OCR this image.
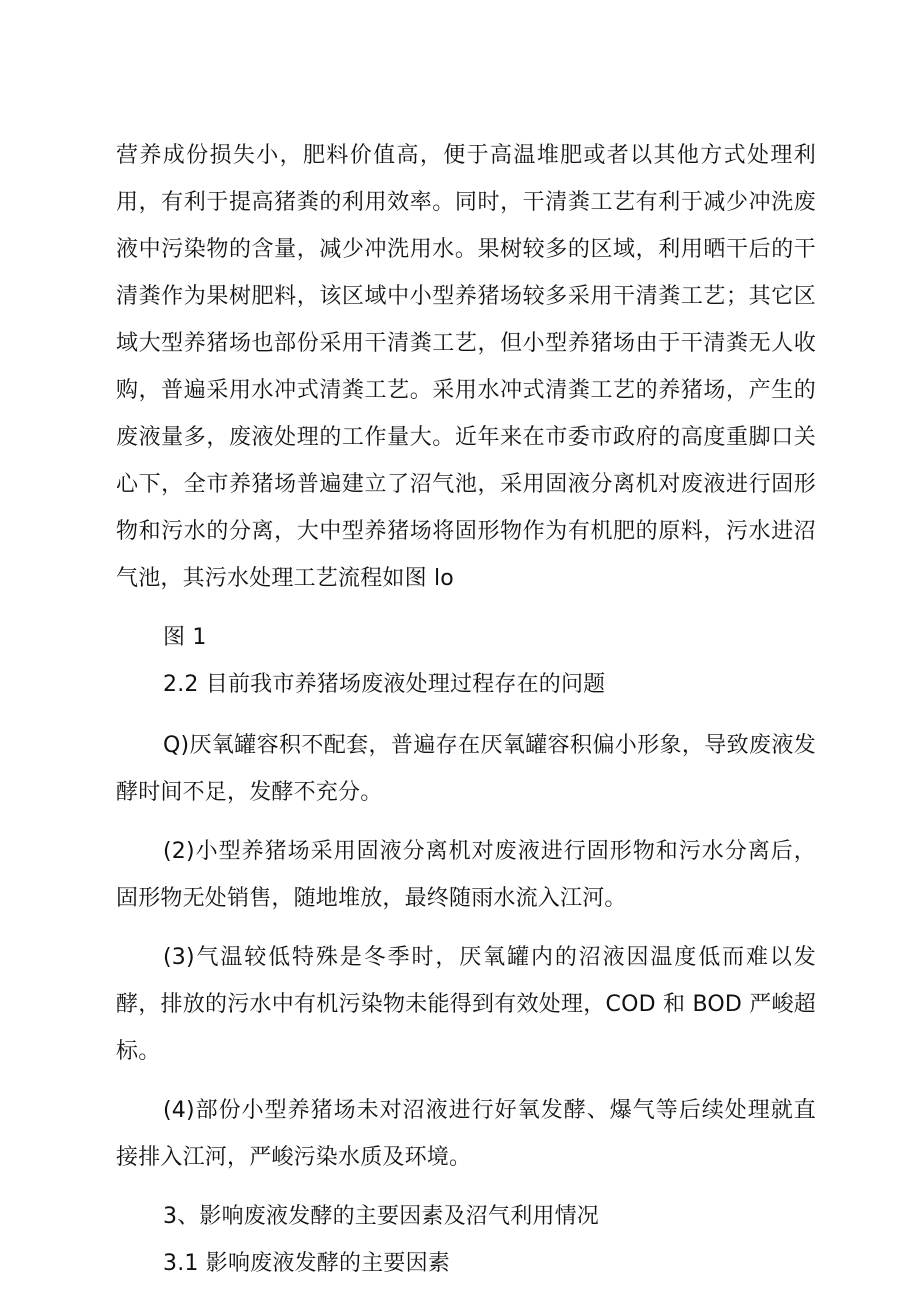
营养成份损失小，肥料价值高，便于高温堆肥或者以其他方式处理利用，有利于提高猪粪的利用效率。同时，干清粪工艺有利于减少冲洗废液中污染物的含量，减少冲洗用水。果树较多的区域，利用晒干后的干清粪作为果树肥料，该区域中小型养猪场较多采用干清粪工艺；其它区域大型养猪场也部份采用干清粪工艺，但小型养猪场由于干清粪无人收购，普遍采用水冲式清粪工艺。采用水冲式清粪工艺的养猪场，产生的废液量多，废液处理的工作量大。近年来在市委市政府的高度重脚口关心下，全市养猪场普遍建立了沼气池，采用固液分离机对废液进行固形物和污水的分离，大中型养猪场将固形物作为有机肥的原料，污水进沼气池，其污水处理工艺流程如图 lo

图 1

2.2 目前我市养猪场废液处理过程存在的问题

Q)厌氧罐容积不配套，普遍存在厌氧罐容积偏小形象，导致废液发酵时间不足，发酵不充分。

(2)小型养猪场采用固液分离机对废液进行固形物和污水分离后，固形物无处销售，随地堆放，最终随雨水流入江河。

(3)气温较低特殊是冬季时，厌氧罐内的沼液因温度低而难以发酵，排放的污水中有机污染物未能得到有效处理，COD 和 BOD 严峻超标。

(4)部份小型养猪场未对沼液进行好氧发酵、爆气等后续处理就直接排入江河，严峻污染水质及环境。

3、影响废液发酵的主要因素及沼气利用情况

3.1 影响废液发酵的主要因素
